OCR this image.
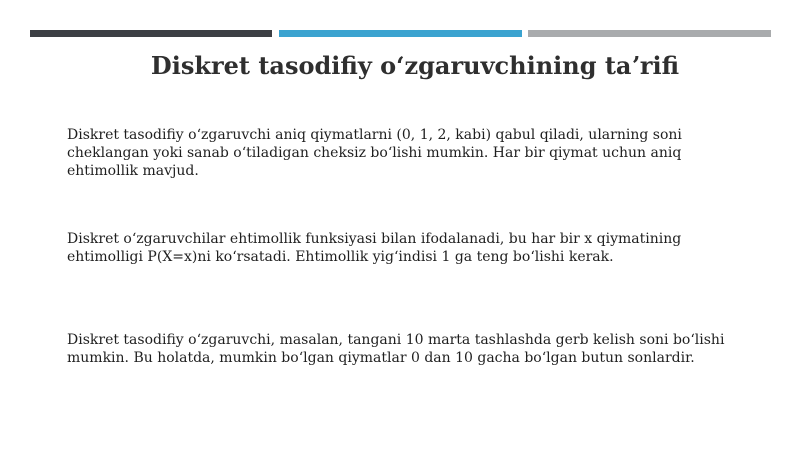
Diskret tasodifiy oʻzgaruvchining taʼrifi
Diskret tasodifiy oʻzgaruvchi aniq qiymatlarni (0, 1, 2, kabi) qabul qiladi, ularning soni cheklangan yoki sanab oʻtiladigan cheksiz boʻlishi mumkin. Har bir qiymat uchun aniq ehtimollik mavjud.
Diskret oʻzgaruvchilar ehtimollik funksiyasi bilan ifodalanadi, bu har bir x qiymatining ehtimolligi P(X=x)ni koʻrsatadi. Ehtimollik yigʻindisi 1 ga teng boʻlishi kerak.
Diskret tasodifiy oʻzgaruvchi, masalan, tangani 10 marta tashlashda gerb kelish soni boʻlishi mumkin. Bu holatda, mumkin boʻlgan qiymatlar 0 dan 10 gacha boʻlgan butun sonlardir.
